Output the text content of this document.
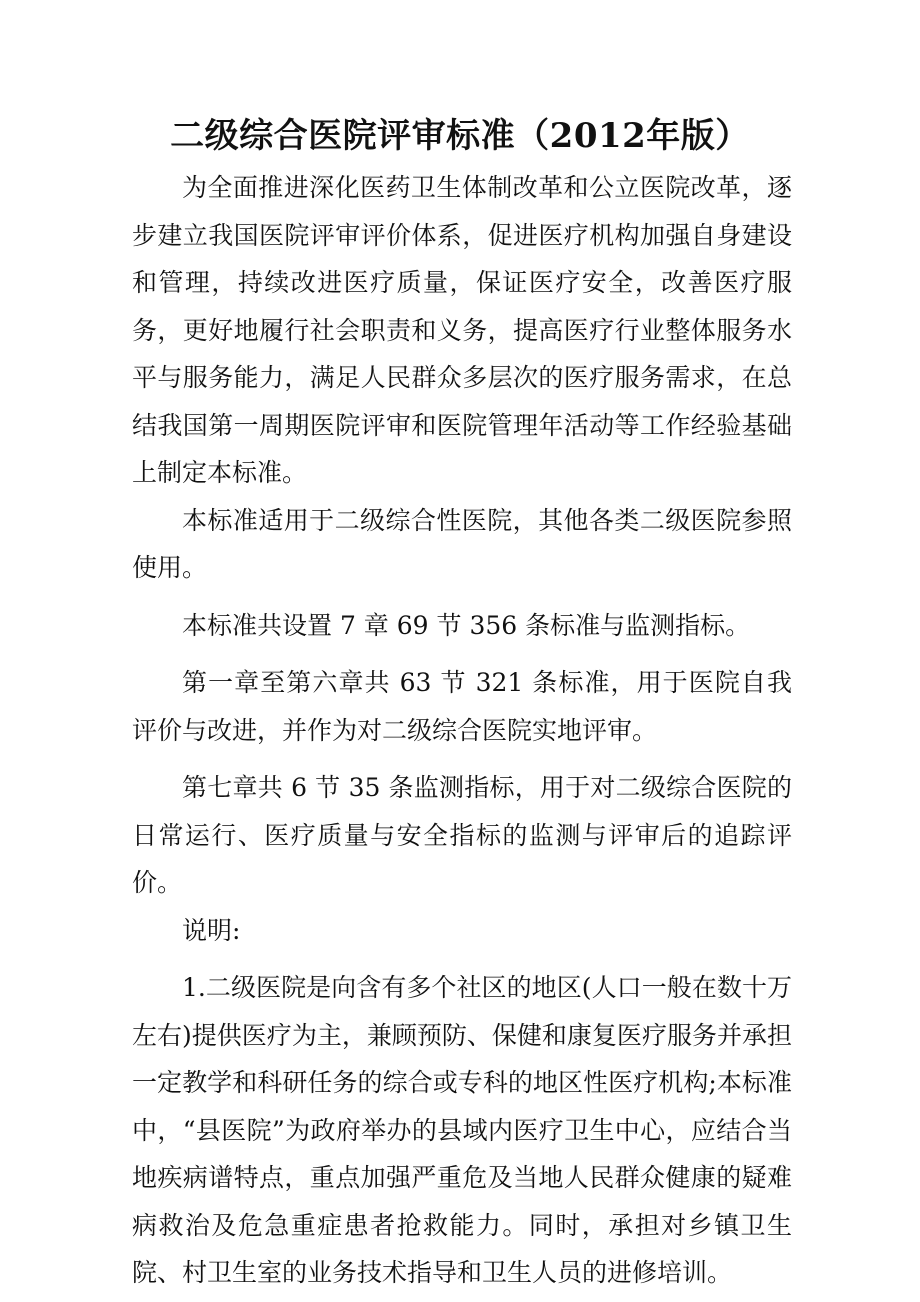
二级综合医院评审标准（2012年版）

为全面推进深化医药卫生体制改革和公立医院改革，逐步建立我国医院评审评价体系，促进医疗机构加强自身建设和管理，持续改进医疗质量，保证医疗安全，改善医疗服务，更好地履行社会职责和义务，提高医疗行业整体服务水平与服务能力，满足人民群众多层次的医疗服务需求，在总结我国第一周期医院评审和医院管理年活动等工作经验基础上制定本标准。

本标准适用于二级综合性医院，其他各类二级医院参照使用。

本标准共设置 7 章 69 节 356 条标准与监测指标。

第一章至第六章共 63 节 321 条标准，用于医院自我评价与改进，并作为对二级综合医院实地评审。

第七章共 6 节 35 条监测指标，用于对二级综合医院的日常运行、医疗质量与安全指标的监测与评审后的追踪评价。

说明:

1.二级医院是向含有多个社区的地区(人口一般在数十万左右)提供医疗为主，兼顾预防、保健和康复医疗服务并承担一定教学和科研任务的综合或专科的地区性医疗机构;本标准中，“县医院”为政府举办的县域内医疗卫生中心，应结合当地疾病谱特点，重点加强严重危及当地人民群众健康的疑难病救治及危急重症患者抢救能力。同时，承担对乡镇卫生院、村卫生室的业务技术指导和卫生人员的进修培训。
